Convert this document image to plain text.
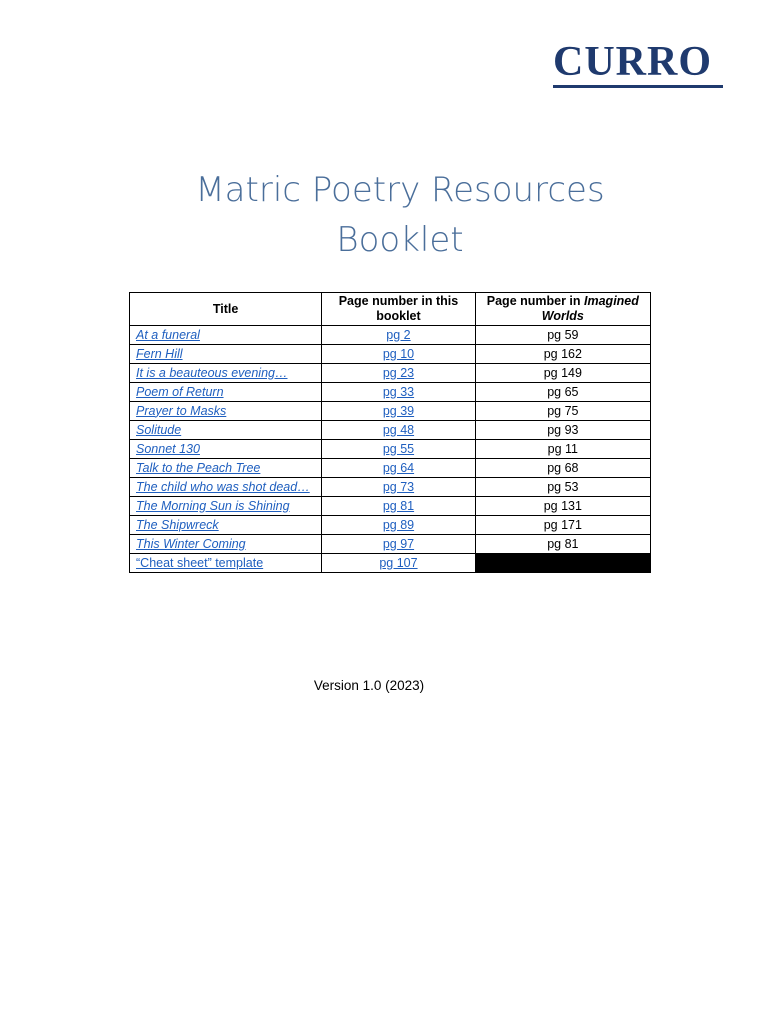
CURRO
Matric Poetry Resources
Booklet
Title	Page number in this booklet	Page number in Imagined Worlds
At a funeral	pg 2	pg 59
Fern Hill	pg 10	pg 162
It is a beauteous evening…	pg 23	pg 149
Poem of Return	pg 33	pg 65
Prayer to Masks	pg 39	pg 75
Solitude	pg 48	pg 93
Sonnet 130	pg 55	pg 11
Talk to the Peach Tree	pg 64	pg 68
The child who was shot dead…	pg 73	pg 53
The Morning Sun is Shining	pg 81	pg 131
The Shipwreck	pg 89	pg 171
This Winter Coming	pg 97	pg 81
“Cheat sheet” template	pg 107	
Version 1.0 (2023)
